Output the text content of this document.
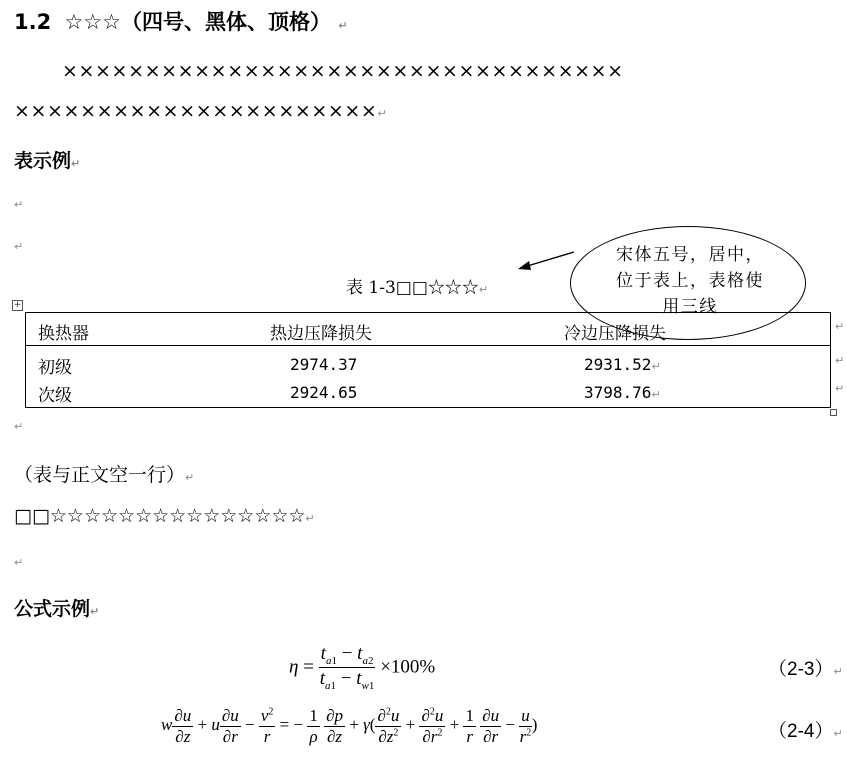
1.2 ☆☆☆（四号、黑体、顶格） ↵
××××××××××××××××××××××××××××××××××
××××××××××××××××××××××↵
表示例↵
↵
↵
表 1-3□□☆☆☆↵
宋体五号，居中，位于表上，表格使用三线
+
换热器	热边压降损失	冷边压降损失
初级	2974.37	2931.52↵
次级	2924.65	3798.76↵
↵
↵
↵
↵
（表与正文空一行）↵
□□☆☆☆☆☆☆☆☆☆☆☆☆☆☆☆↵
↵
公式示例↵
$\eta = \frac{t_{a1} - t_{a2}}{t_{a1} - t_{w1}} \times 100\%$	（2-3）↵
w $\frac{\partial u}{\partial z} + u \frac{\partial u}{\partial r} - \frac{v^2}{r}$ = − $\frac{1}{\rho}$
$\frac{\partial p}{\partial z} + \gamma( \frac{\partial^2u}{\partial z^2} + \frac{\partial^2u}{\partial r^2} + \frac{1}{r}$
$\frac{\partial u}{\partial r} - \frac{u}{r^2}$ )	（2-4）↵
